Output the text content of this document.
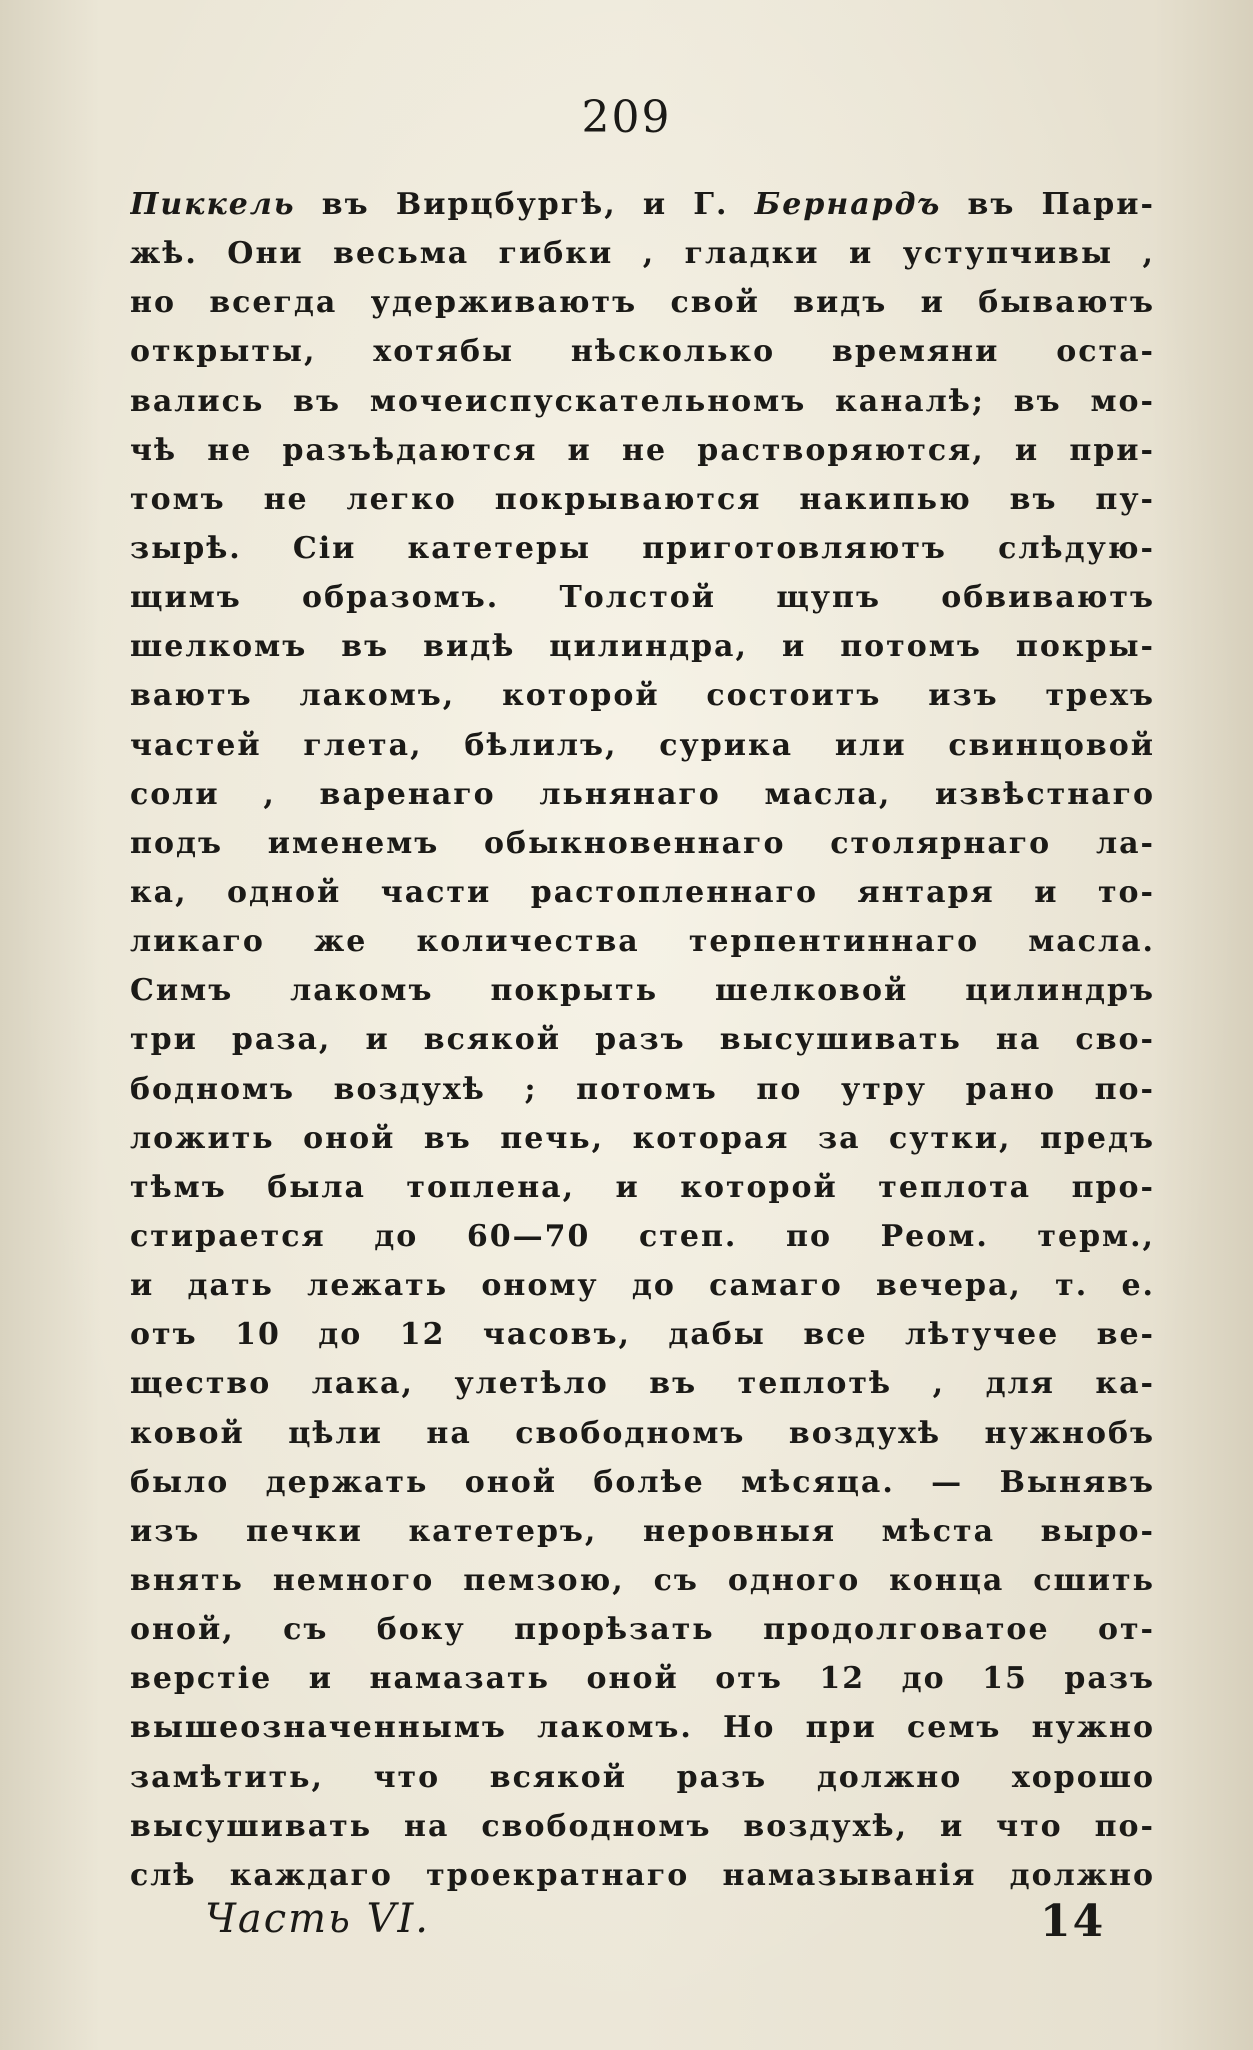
209
Пиккель въ Вирцбургѣ, и Г. Бернардъ въ Пари-
жѣ. Они весьма гибки , гладки и уступчивы ,
но всегда удерживаютъ свой видъ и бываютъ
открыты, хотябы нѣсколько времяни оста-
вались въ мочеиспускательномъ каналѣ; въ мо-
чѣ не разъѣдаются и не растворяются, и при-
томъ не легко покрываются накипью въ пу-
зырѣ. Сіи катетеры приготовляютъ слѣдую-
щимъ образомъ. Толстой щупъ обвиваютъ
шелкомъ въ видѣ цилиндра, и потомъ покры-
ваютъ лакомъ, которой состоитъ изъ трехъ
частей глета, бѣлилъ, сурика или свинцовой
соли , варенаго льнянаго масла, извѣстнаго
подъ именемъ обыкновеннаго столярнаго ла-
ка, одной части растопленнаго янтаря и то-
ликаго же количества терпентиннаго масла.
Симъ лакомъ покрыть шелковой цилиндръ
три раза, и всякой разъ высушивать на сво-
бодномъ воздухѣ ; потомъ по утру рано по-
ложить оной въ печь, которая за сутки, предъ
тѣмъ была топлена, и которой теплота про-
стирается до 60—70 степ. по Реом. терм.,
и дать лежать оному до самаго вечера, т. е.
отъ 10 до 12 часовъ, дабы все лѣтучее ве-
щество лака, улетѣло въ теплотѣ , для ка-
ковой цѣли на свободномъ воздухѣ нужнобъ
было держать оной болѣе мѣсяца. — Вынявъ
изъ печки катетеръ, неровныя мѣста выро-
внять немного пемзою, съ одного конца сшить
оной, съ боку прорѣзать продолговатое от-
верстіе и намазать оной отъ 12 до 15 разъ
вышеозначеннымъ лакомъ. Но при семъ нужно
замѣтить, что всякой разъ должно хорошо
высушивать на свободномъ воздухѣ, и что по-
слѣ каждаго троекратнаго намазыванія должно
Часть VI.	14
